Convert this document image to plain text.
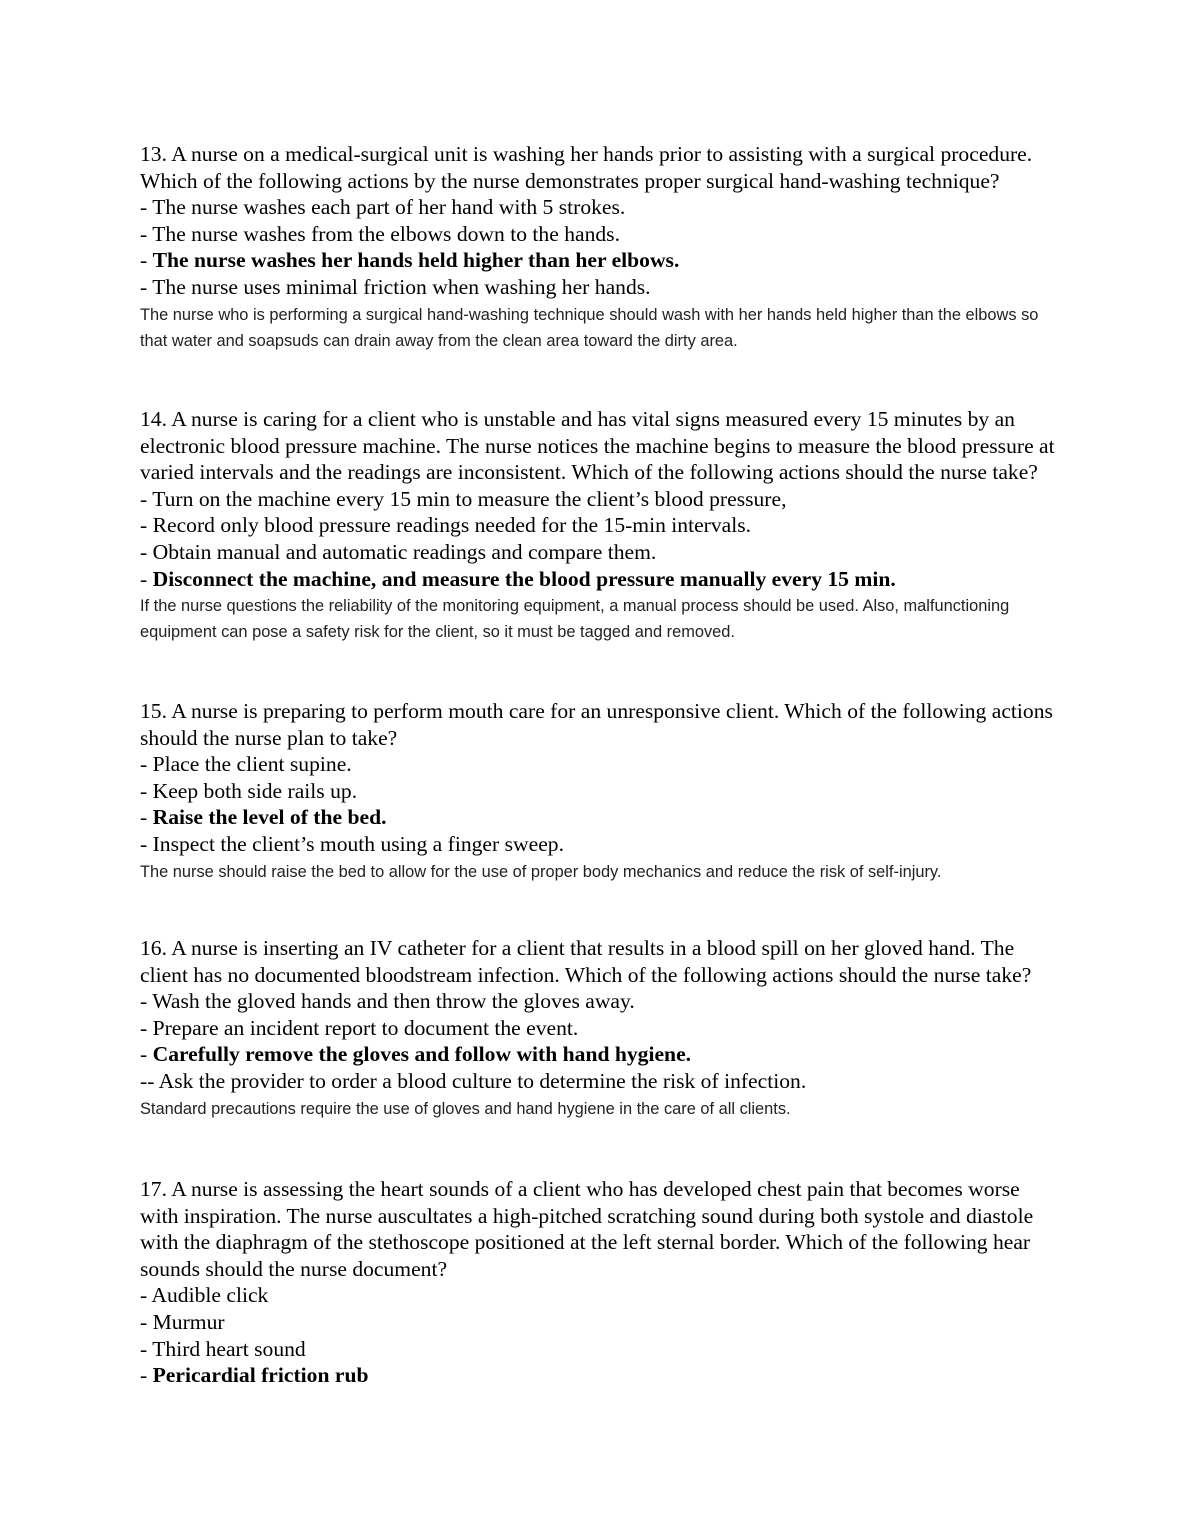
13. A nurse on a medical-surgical unit is washing her hands prior to assisting with a surgical procedure. Which of the following actions by the nurse demonstrates proper surgical hand-washing technique?
- The nurse washes each part of her hand with 5 strokes.
- The nurse washes from the elbows down to the hands.
- The nurse washes her hands held higher than her elbows.
- The nurse uses minimal friction when washing her hands.
The nurse who is performing a surgical hand-washing technique should wash with her hands held higher than the elbows so that water and soapsuds can drain away from the clean area toward the dirty area.
14. A nurse is caring for a client who is unstable and has vital signs measured every 15 minutes by an electronic blood pressure machine. The nurse notices the machine begins to measure the blood pressure at varied intervals and the readings are inconsistent. Which of the following actions should the nurse take?
- Turn on the machine every 15 min to measure the client’s blood pressure,
- Record only blood pressure readings needed for the 15-min intervals.
- Obtain manual and automatic readings and compare them.
- Disconnect the machine, and measure the blood pressure manually every 15 min.
If the nurse questions the reliability of the monitoring equipment, a manual process should be used. Also, malfunctioning equipment can pose a safety risk for the client, so it must be tagged and removed.
15. A nurse is preparing to perform mouth care for an unresponsive client. Which of the following actions should the nurse plan to take?
- Place the client supine.
- Keep both side rails up.
- Raise the level of the bed.
- Inspect the client’s mouth using a finger sweep.
The nurse should raise the bed to allow for the use of proper body mechanics and reduce the risk of self-injury.
16. A nurse is inserting an IV catheter for a client that results in a blood spill on her gloved hand. The client has no documented bloodstream infection. Which of the following actions should the nurse take?
- Wash the gloved hands and then throw the gloves away.
- Prepare an incident report to document the event.
- Carefully remove the gloves and follow with hand hygiene.
-- Ask the provider to order a blood culture to determine the risk of infection.
Standard precautions require the use of gloves and hand hygiene in the care of all clients.
17. A nurse is assessing the heart sounds of a client who has developed chest pain that becomes worse with inspiration. The nurse auscultates a high-pitched scratching sound during both systole and diastole with the diaphragm of the stethoscope positioned at the left sternal border. Which of the following hear sounds should the nurse document?
- Audible click
- Murmur
- Third heart sound
- Pericardial friction rub
